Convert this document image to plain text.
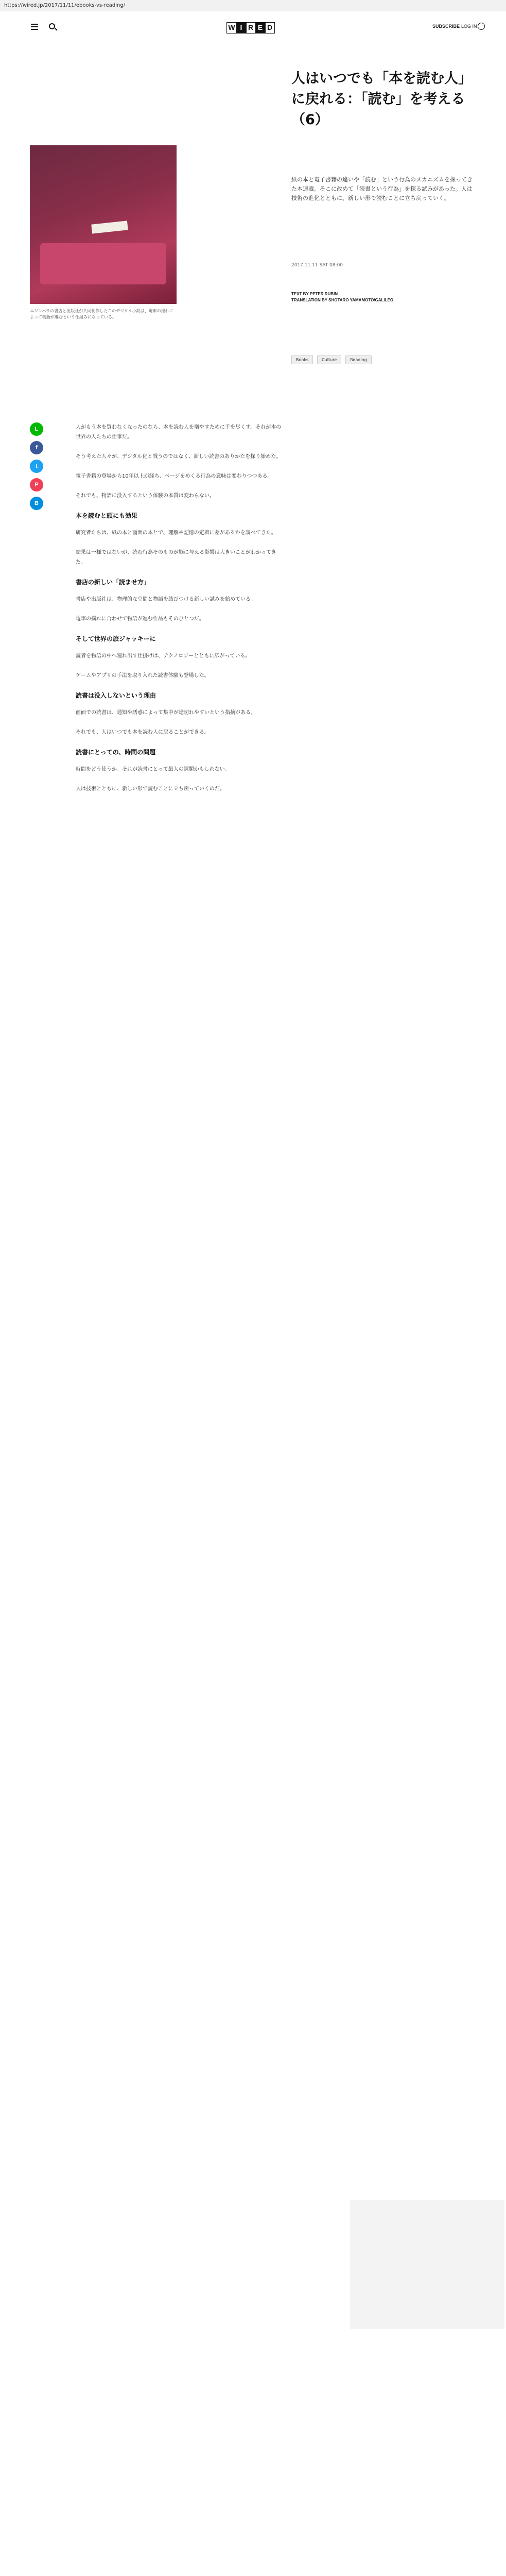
https://wired.jp/2017/11/11/ebooks-vs-reading/
W I R E D	SUBSCRIBE LOG IN
エジンバラの書店と出版社が共同制作したこのデジタル小説は、電車の揺れによって物語が進むという仕組みになっている。
人はいつでも「本を読む人」に戻れる：「読む」を考える（6）

紙の本と電子書籍の違いや「読む」という行為のメカニズムを探ってきた本連載。そこに改めて「読書という行為」を探る試みがあった。人は技術の進化とともに、新しい形で読むことに立ち戻っていく。

2017.11.11 SAT 08:00
TEXT BY PETER RUBIN
TRANSLATION BY SHOTARO YAMAMOTO/GALILEO
Books	Culture	Reading
L
f
t
P
B

人がもう本を買わなくなったのなら、本を読む人を増やすために手を尽くす。それが本の世界の人たちの仕事だ。

そう考えた人々が、デジタル化と戦うのではなく、新しい読書のありかたを探り始めた。

電子書籍の登場から10年以上が経ち、ページをめくる行為の意味は変わりつつある。

それでも、物語に没入するという体験の本質は変わらない。

本を読むと頭にも効果

研究者たちは、紙の本と画面の本とで、理解や記憶の定着に差があるかを調べてきた。

結果は一様ではないが、読む行為そのものが脳に与える影響は大きいことがわかってきた。

書店の新しい「読ませ方」

書店や出版社は、物理的な空間と物語を結びつける新しい試みを始めている。

電車の揺れに合わせて物語が進む作品もそのひとつだ。

そして世界の旅ジャッキーに

読者を物語の中へ連れ出す仕掛けは、テクノロジーとともに広がっている。

ゲームやアプリの手法を取り入れた読書体験も登場した。

読書は没入しないという理由

画面での読書は、通知や誘惑によって集中が途切れやすいという指摘がある。

それでも、人はいつでも本を読む人に戻ることができる。

読書にとっての、時間の問題

時間をどう使うか。それが読書にとって最大の課題かもしれない。

人は技術とともに、新しい形で読むことに立ち戻っていくのだ。
